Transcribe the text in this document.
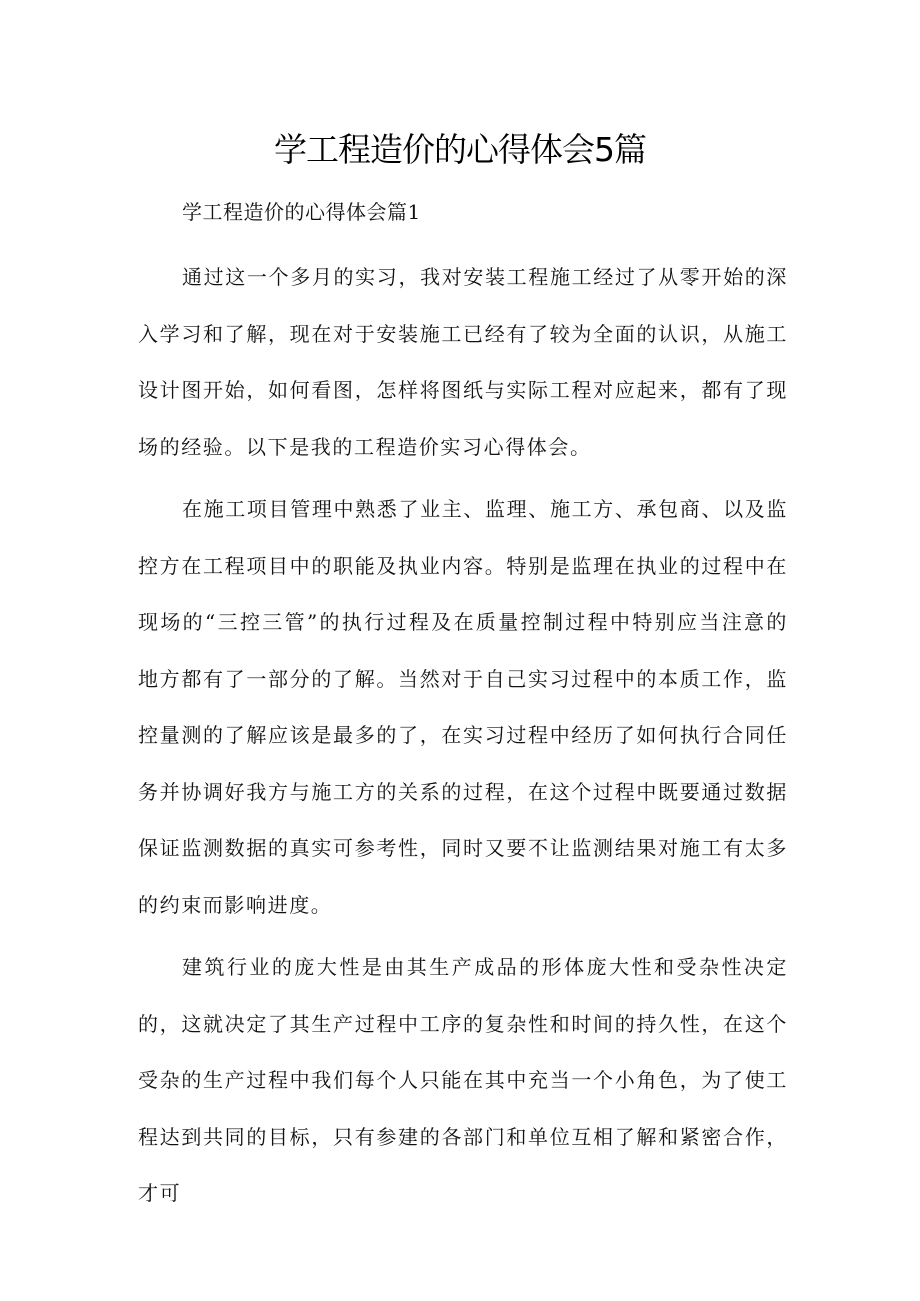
学工程造价的心得体会5篇
学工程造价的心得体会篇1

通过这一个多月的实习，我对安装工程施工经过了从零开始的深入学习和了解，现在对于安装施工已经有了较为全面的认识，从施工设计图开始，如何看图，怎样将图纸与实际工程对应起来，都有了现场的经验。以下是我的工程造价实习心得体会。

在施工项目管理中熟悉了业主、监理、施工方、承包商、以及监控方在工程项目中的职能及执业内容。特别是监理在执业的过程中在现场的“三控三管”的执行过程及在质量控制过程中特别应当注意的地方都有了一部分的了解。当然对于自己实习过程中的本质工作，监控量测的了解应该是最多的了，在实习过程中经历了如何执行合同任务并协调好我方与施工方的关系的过程，在这个过程中既要通过数据保证监测数据的真实可参考性，同时又要不让监测结果对施工有太多的约束而影响进度。

建筑行业的庞大性是由其生产成品的形体庞大性和受杂性决定的，这就决定了其生产过程中工序的复杂性和时间的持久性，在这个受杂的生产过程中我们每个人只能在其中充当一个小角色，为了使工程达到共同的目标，只有参建的各部门和单位互相了解和紧密合作，才可
